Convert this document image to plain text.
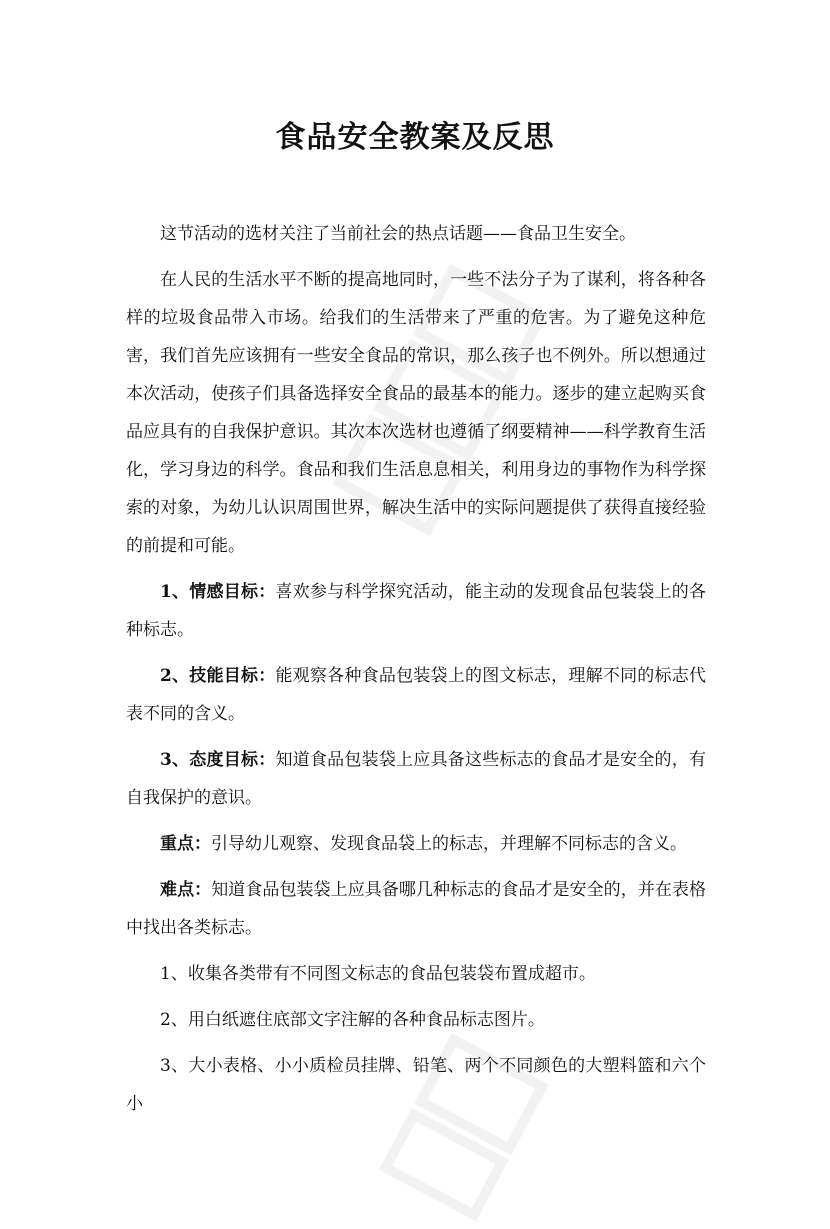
食品安全教案及反思

这节活动的选材关注了当前社会的热点话题——食品卫生安全。

在人民的生活水平不断的提高地同时，一些不法分子为了谋利，将各种各样的垃圾食品带入市场。给我们的生活带来了严重的危害。为了避免这种危害，我们首先应该拥有一些安全食品的常识，那么孩子也不例外。所以想通过本次活动，使孩子们具备选择安全食品的最基本的能力。逐步的建立起购买食品应具有的自我保护意识。其次本次选材也遵循了纲要精神——科学教育生活化，学习身边的科学。食品和我们生活息息相关，利用身边的事物作为科学探索的对象，为幼儿认识周围世界，解决生活中的实际问题提供了获得直接经验的前提和可能。

1、情感目标：喜欢参与科学探究活动，能主动的发现食品包装袋上的各种标志。

2、技能目标：能观察各种食品包装袋上的图文标志，理解不同的标志代表不同的含义。

3、态度目标：知道食品包装袋上应具备这些标志的食品才是安全的，有自我保护的意识。

重点：引导幼儿观察、发现食品袋上的标志，并理解不同标志的含义。

难点：知道食品包装袋上应具备哪几种标志的食品才是安全的，并在表格中找出各类标志。

1、收集各类带有不同图文标志的食品包装袋布置成超市。

2、用白纸遮住底部文字注解的各种食品标志图片。

3、大小表格、小小质检员挂牌、铅笔、两个不同颜色的大塑料篮和六个小
